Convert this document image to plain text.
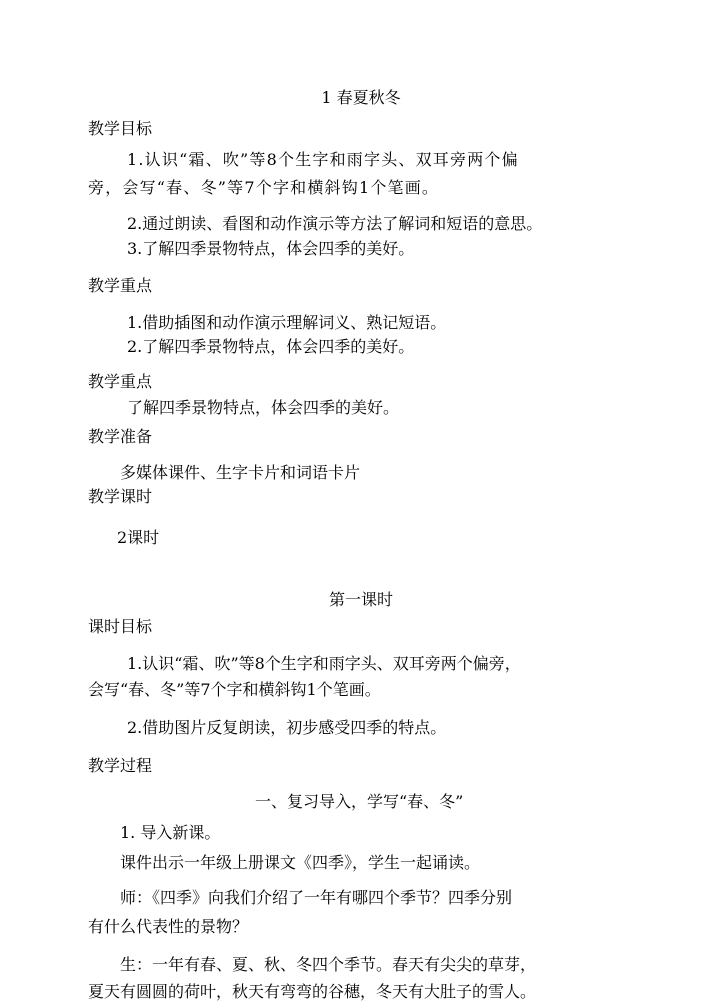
1 春夏秋冬
教学目标
1.认识“霜、吹”等8个生字和雨字头、双耳旁两个偏
旁，会写“春、冬”等7个字和横斜钩1个笔画。
2.通过朗读、看图和动作演示等方法了解词和短语的意思。
3.了解四季景物特点，体会四季的美好。
教学重点
1.借助插图和动作演示理解词义、熟记短语。
2.了解四季景物特点，体会四季的美好。
教学重点
了解四季景物特点，体会四季的美好。
教学准备
多媒体课件、生字卡片和词语卡片
教学课时
2课时
第一课时
课时目标
1.认识“霜、吹”等8个生字和雨字头、双耳旁两个偏旁，
会写“春、冬”等7个字和横斜钩1个笔画。
2.借助图片反复朗读，初步感受四季的特点。
教学过程
一、复习导入，学写“春、冬”
1. 导入新课。
课件出示一年级上册课文《四季》，学生一起诵读。
师：《四季》向我们介绍了一年有哪四个季节？四季分别
有什么代表性的景物？
生：一年有春、夏、秋、冬四个季节。春天有尖尖的草芽，
夏天有圆圆的荷叶，秋天有弯弯的谷穗，冬天有大肚子的雪人。
